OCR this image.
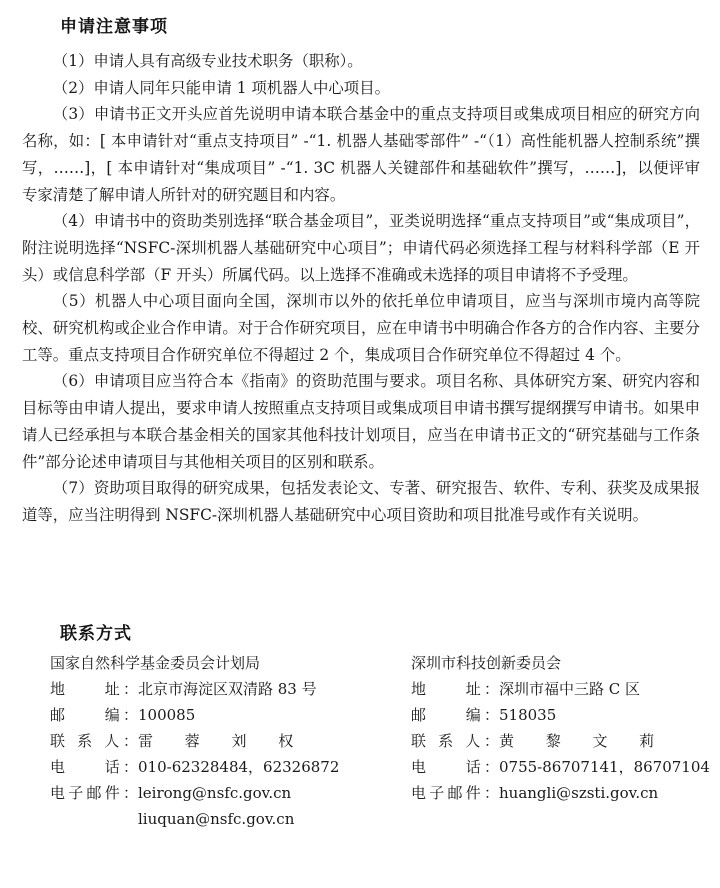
申请注意事项

（1）申请人具有高级专业技术职务（职称）。

（2）申请人同年只能申请 1 项机器人中心项目。

（3）申请书正文开头应首先说明申请本联合基金中的重点支持项目或集成项目相应的研究方向名称，如：[ 本申请针对“重点支持项目” -“1. 机器人基础零部件” -“（1）高性能机器人控制系统”撰写，……]，[ 本申请针对“集成项目” -“1. 3C 机器人关键部件和基础软件”撰写，……]，以便评审专家清楚了解申请人所针对的研究题目和内容。

（4）申请书中的资助类别选择“联合基金项目”，亚类说明选择“重点支持项目”或“集成项目”，附注说明选择“NSFC-深圳机器人基础研究中心项目”；申请代码必须选择工程与材料科学部（E 开头）或信息科学部（F 开头）所属代码。以上选择不准确或未选择的项目申请将不予受理。

（5）机器人中心项目面向全国，深圳市以外的依托单位申请项目，应当与深圳市境内高等院校、研究机构或企业合作申请。对于合作研究项目，应在申请书中明确合作各方的合作内容、主要分工等。重点支持项目合作研究单位不得超过 2 个，集成项目合作研究单位不得超过 4 个。

（6）申请项目应当符合本《指南》的资助范围与要求。项目名称、具体研究方案、研究内容和目标等由申请人提出，要求申请人按照重点支持项目或集成项目申请书撰写提纲撰写申请书。如果申请人已经承担与本联合基金相关的国家其他科技计划项目，应当在申请书正文的“研究基础与工作条件”部分论述申请项目与其他相关项目的区别和联系。

（7）资助项目取得的研究成果，包括发表论文、专著、研究报告、软件、专利、获奖及成果报道等，应当注明得到 NSFC-深圳机器人基础研究中心项目资助和项目批准号或作有关说明。

联系方式
国家自然科学基金委员会计划局
地　　址： 北京市海淀区双清路 83 号
邮　　编： 100085
联 系 人： 雷 蓉 刘 权
电　　话： 010-62328484，62326872
电子邮件： leirong@nsfc.gov.cn
liuquan@nsfc.gov.cn
深圳市科技创新委员会
地　　址： 深圳市福中三路 C 区
邮　　编： 518035
联 系 人： 黄 黎 文 莉
电　　话： 0755-86707141，86707104
电子邮件： huangli@szsti.gov.cn
